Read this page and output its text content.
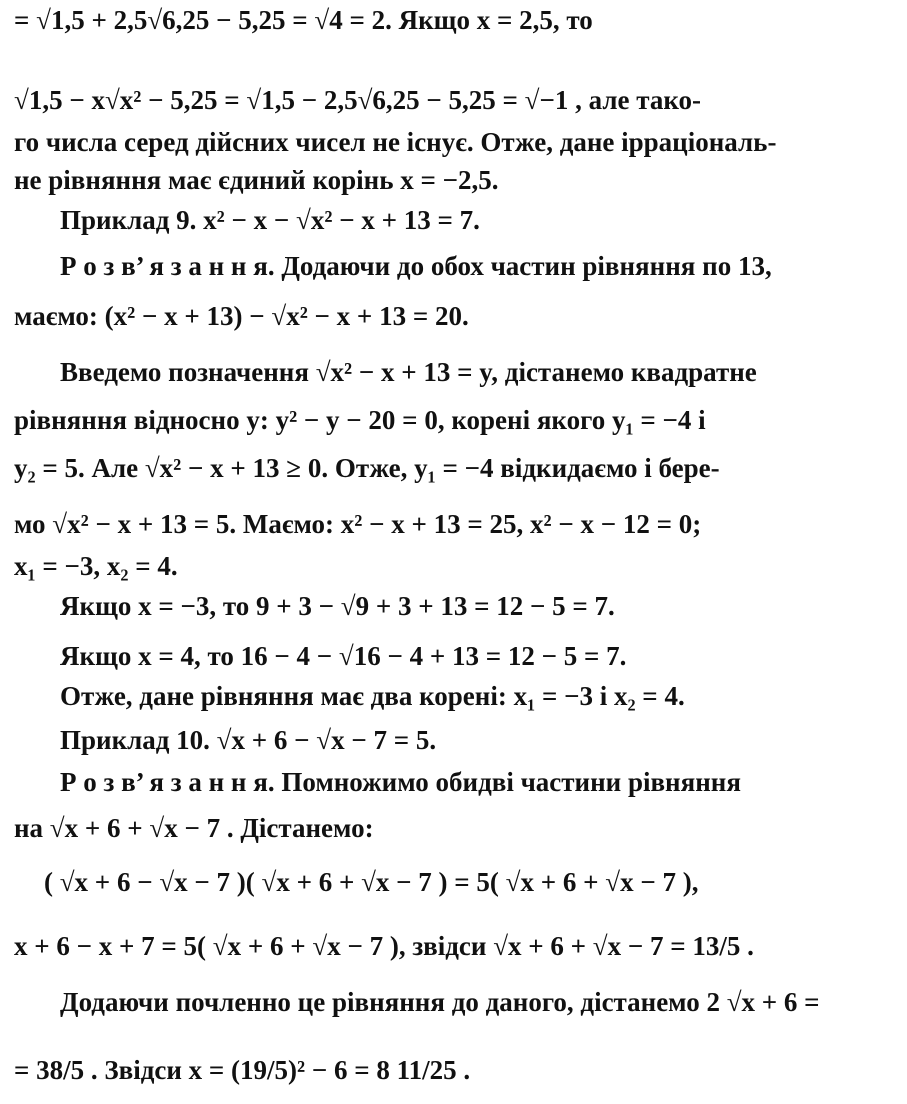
= √1,5 + 2,5√6,25 − 5,25 = √4 = 2. Якщо x = 2,5, то
√1,5 − x√x² − 5,25 = √1,5 − 2,5√6,25 − 5,25 = √−1 , але тако-
го числа серед дійсних чисел не існує. Отже, дане ірраціональ-
не рівняння має єдиний корінь x = −2,5.
Приклад 9. x² − x − √x² − x + 13 = 7.
Р о з в’ я з а н н я. Додаючи до обох частин рівняння по 13,
маємо: (x² − x + 13) − √x² − x + 13 = 20.
Введемо позначення √x² − x + 13 = y, дістанемо квадратне
рівняння відносно y: y² − y − 20 = 0, корені якого y₁ = −4 і
y₂ = 5. Але √x² − x + 13 ≥ 0. Отже, y₁ = −4 відкидаємо і бере-
мо √x² − x + 13 = 5. Маємо: x² − x + 13 = 25, x² − x − 12 = 0;
x₁ = −3, x₂ = 4.
Якщо x = −3, то 9 + 3 − √9 + 3 + 13 = 12 − 5 = 7.
Якщо x = 4, то 16 − 4 − √16 − 4 + 13 = 12 − 5 = 7.
Отже, дане рівняння має два корені: x₁ = −3 і x₂ = 4.
Приклад 10. √x + 6 − √x − 7 = 5.
Р о з в’ я з а н н я. Помножимо обидві частини рівняння
на √x + 6 + √x − 7 . Дістанемо:
( √x + 6 − √x − 7 )( √x + 6 + √x − 7 ) = 5( √x + 6 + √x − 7 ),
x + 6 − x + 7 = 5( √x + 6 + √x − 7 ), звідси √x + 6 + √x − 7 = 13/5 .
Додаючи почленно це рівняння до даного, дістанемо 2 √x + 6 =
= 38/5 . Звідси x = (19/5)² − 6 = 8 11/25 .
